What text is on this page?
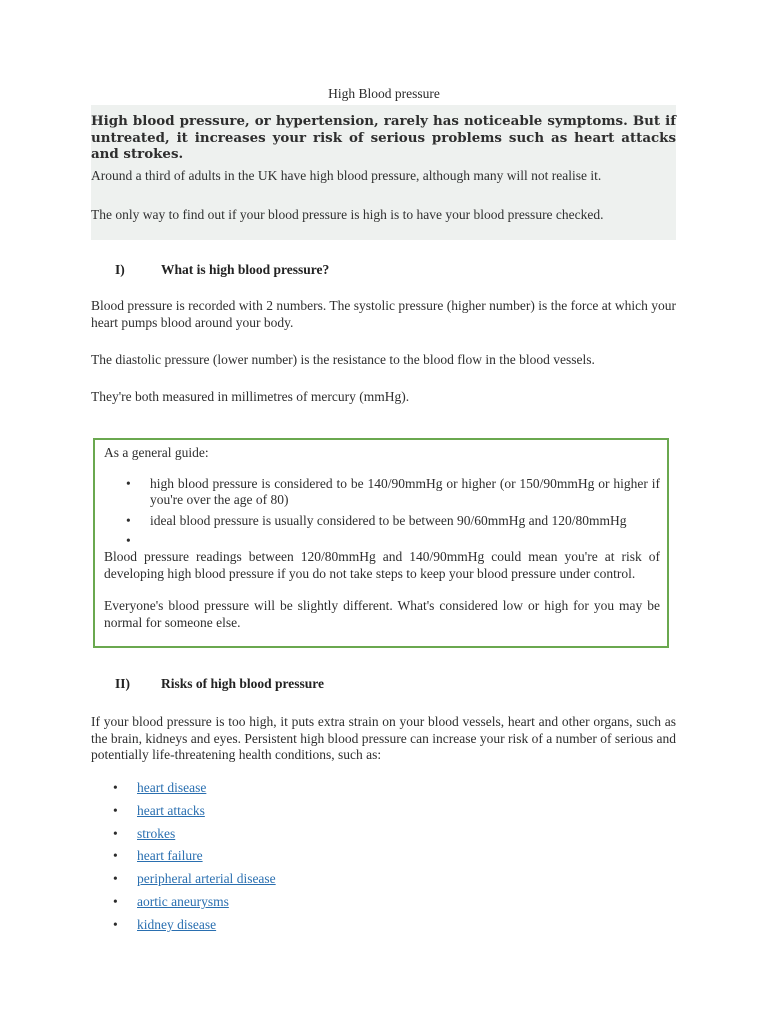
High Blood pressure
High blood pressure, or hypertension, rarely has noticeable symptoms. But if untreated, it increases your risk of serious problems such as heart attacks and strokes.
Around a third of adults in the UK have high blood pressure, although many will not realise it.
The only way to find out if your blood pressure is high is to have your blood pressure checked.
I)	What is high blood pressure?
Blood pressure is recorded with 2 numbers. The systolic pressure (higher number) is the force at which your heart pumps blood around your body.
The diastolic pressure (lower number) is the resistance to the blood flow in the blood vessels.
They're both measured in millimetres of mercury (mmHg).

As a general guide:

• high blood pressure is considered to be 140/90mmHg or higher (or 150/90mmHg or higher if you're over the age of 80)
• ideal blood pressure is usually considered to be between 90/60mmHg and 120/80mmHg
•

Blood pressure readings between 120/80mmHg and 140/90mmHg could mean you're at risk of developing high blood pressure if you do not take steps to keep your blood pressure under control.

Everyone's blood pressure will be slightly different. What's considered low or high for you may be normal for someone else.

II) Risks of high blood pressure
If your blood pressure is too high, it puts extra strain on your blood vessels, heart and other organs, such as the brain, kidneys and eyes. Persistent high blood pressure can increase your risk of a number of serious and potentially life-threatening health conditions, such as:
• heart disease
• heart attacks
• strokes
• heart failure
• peripheral arterial disease
• aortic aneurysms
• kidney disease
